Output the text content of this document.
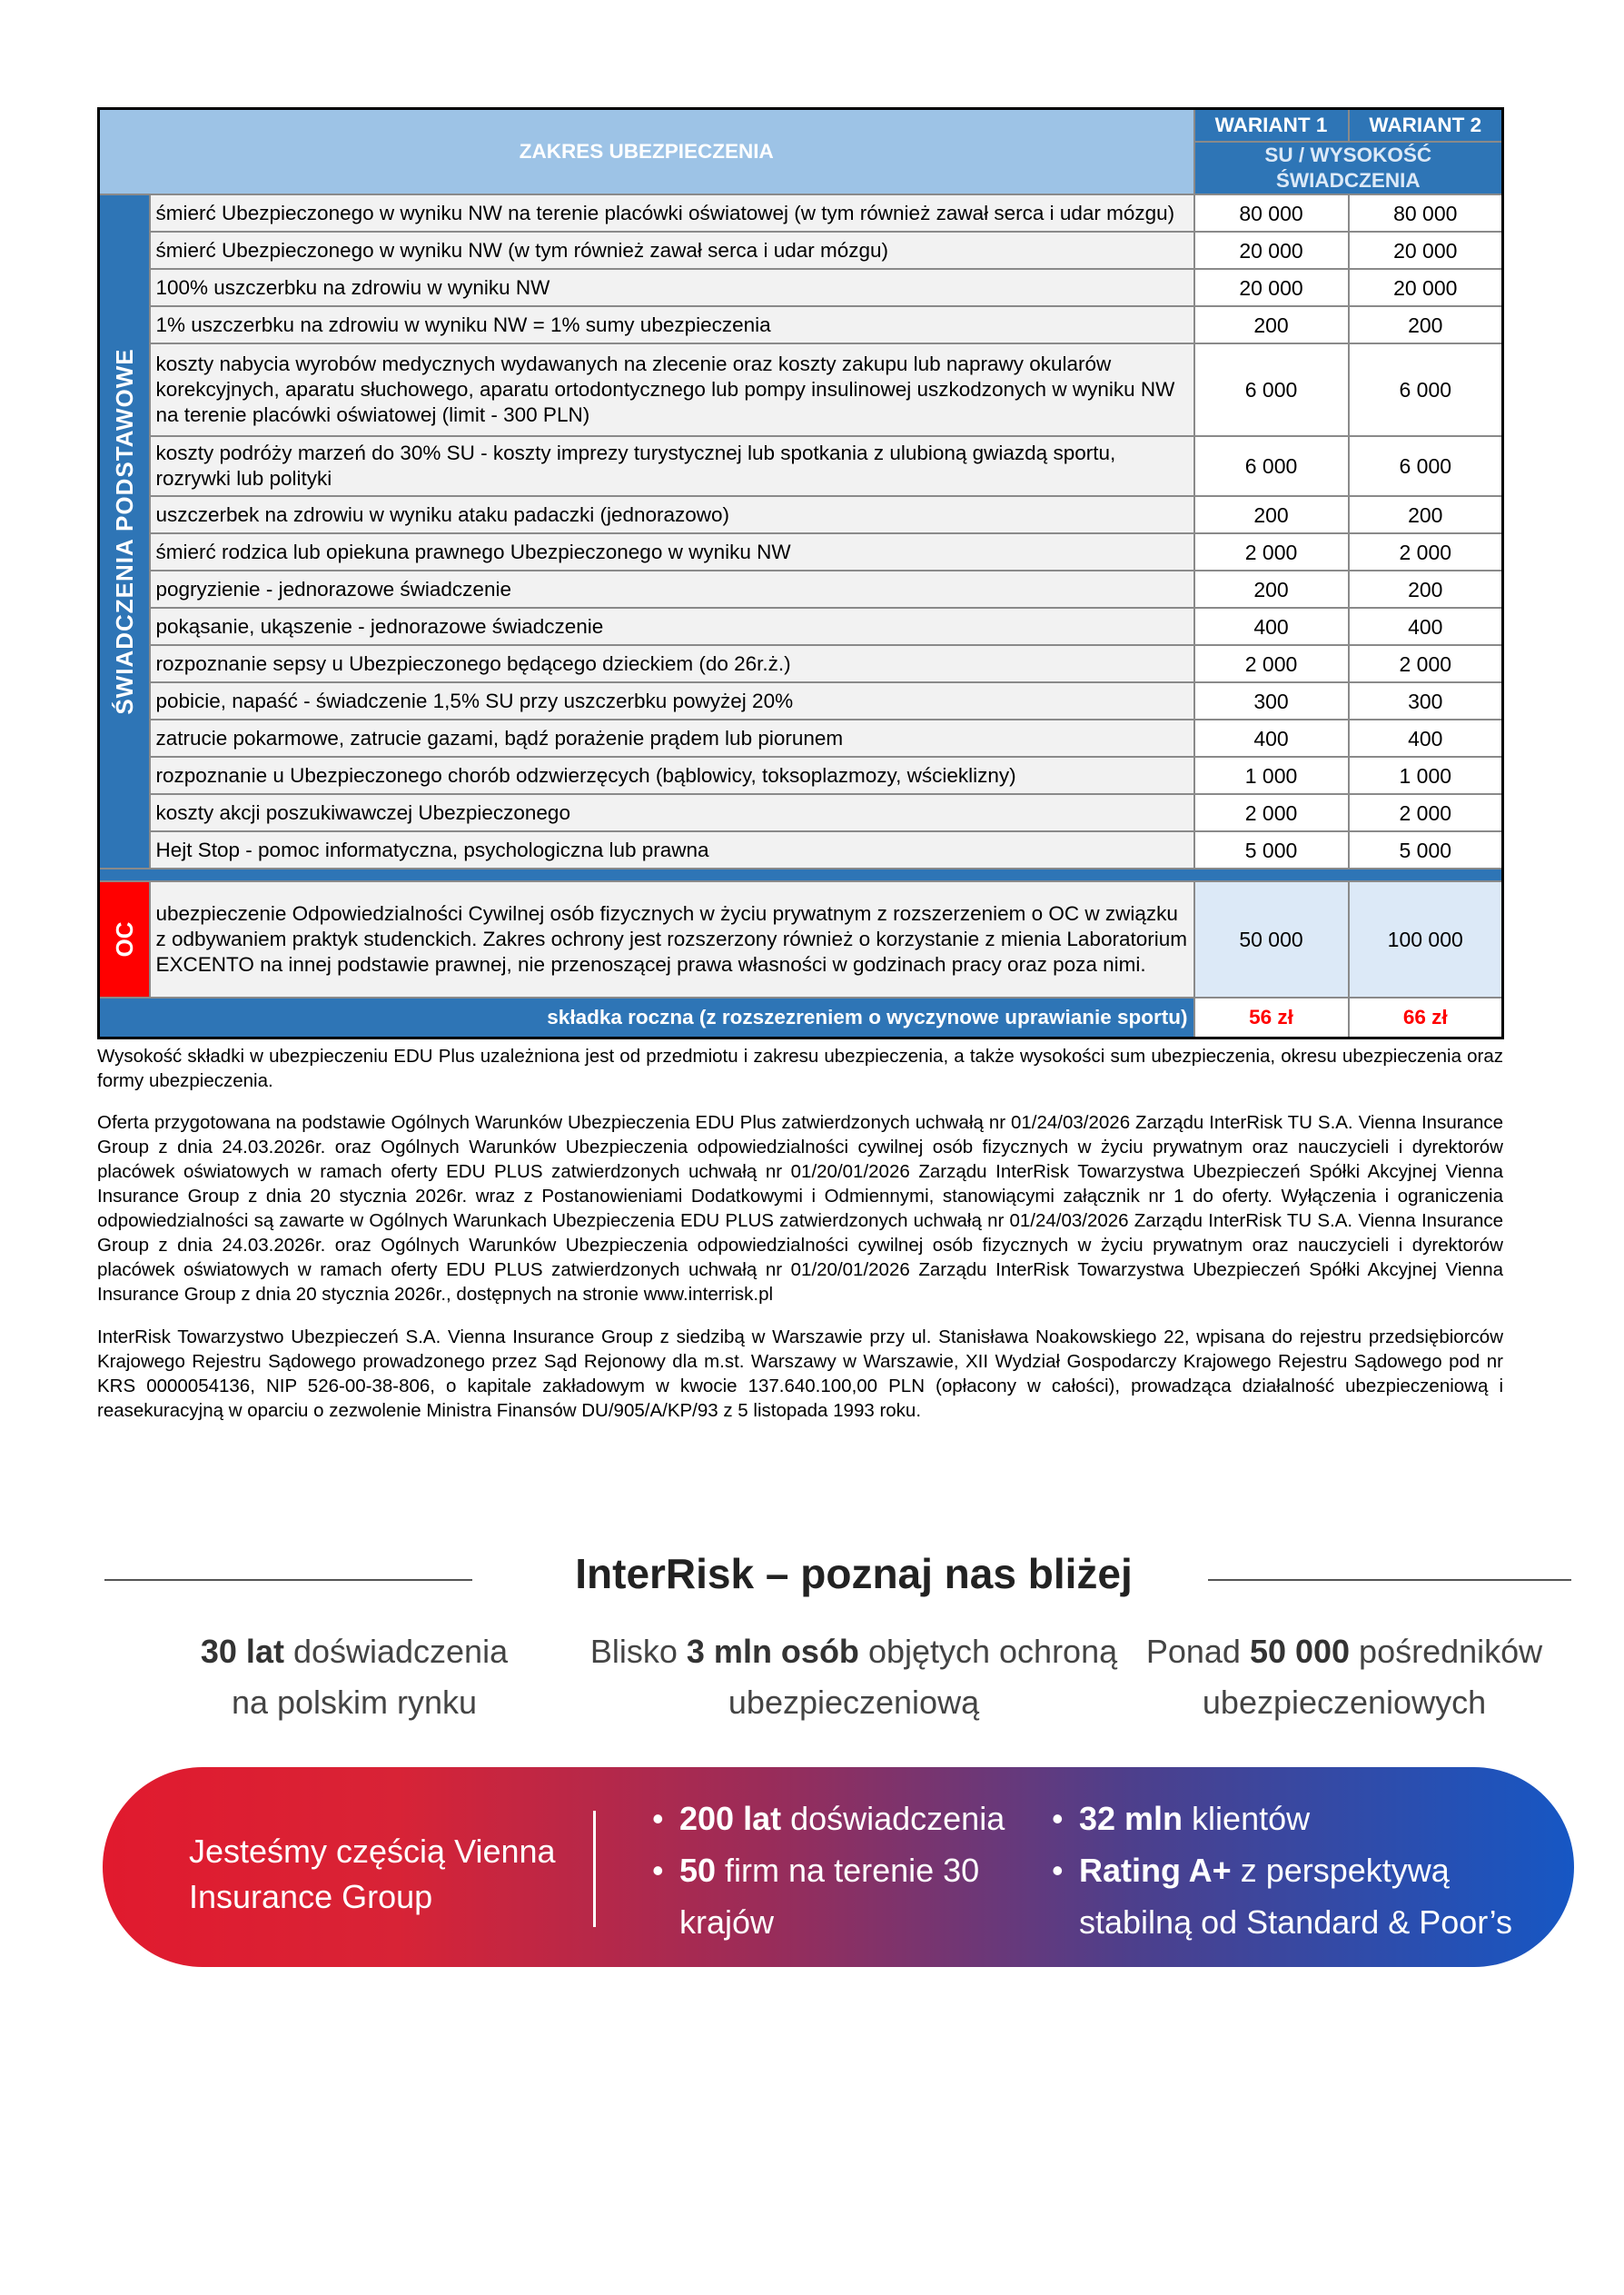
ZAKRES UBEZPIECZENIA		WARIANT 1	WARIANT 2
		SU / WYSOKOŚĆ ŚWIADCZENIA	

ŚWIADCZENIA PODSTAWOWE	śmierć Ubezpieczonego w wyniku NW na terenie placówki oświatowej (w tym również zawał serca i udar mózgu)	80 000	80 000
	śmierć Ubezpieczonego w wyniku NW (w tym również zawał serca i udar mózgu)	20 000	20 000
	100% uszczerbku na zdrowiu w wyniku NW	20 000	20 000
	1% uszczerbku na zdrowiu w wyniku NW = 1% sumy ubezpieczenia	200	200
	koszty nabycia wyrobów medycznych wydawanych na zlecenie oraz koszty zakupu lub naprawy okularów korekcyjnych, aparatu słuchowego, aparatu ortodontycznego lub pompy insulinowej uszkodzonych w wyniku NW na terenie placówki oświatowej (limit - 300 PLN)	6 000	6 000
	koszty podróży marzeń do 30% SU - koszty imprezy turystycznej lub spotkania z ulubioną gwiazdą sportu, rozrywki lub polityki	6 000	6 000
	uszczerbek na zdrowiu w wyniku ataku padaczki (jednorazowo)	200	200
	śmierć rodzica lub opiekuna prawnego Ubezpieczonego w wyniku NW	2 000	2 000
	pogryzienie - jednorazowe świadczenie	200	200
	pokąsanie, ukąszenie - jednorazowe świadczenie	400	400
	rozpoznanie sepsy u Ubezpieczonego będącego dzieckiem (do 26r.ż.)	2 000	2 000
	pobicie, napaść - świadczenie 1,5% SU przy uszczerbku powyżej 20%	300	300
	zatrucie pokarmowe, zatrucie gazami, bądź porażenie prądem lub piorunem	400	400
	rozpoznanie u Ubezpieczonego chorób odzwierzęcych (bąblowicy, toksoplazmozy, wścieklizny)	1 000	1 000
	koszty akcji poszukiwawczej Ubezpieczonego	2 000	2 000
	Hejt Stop - pomoc informatyczna, psychologiczna lub prawna	5 000	5 000

OC	ubezpieczenie Odpowiedzialności Cywilnej osób fizycznych w życiu prywatnym z rozszerzeniem o OC w związku z odbywaniem praktyk studenckich. Zakres ochrony jest rozszerzony również o korzystanie z mienia Laboratorium EXCENTO na innej podstawie prawnej, nie przenoszącej prawa własności w godzinach pracy oraz poza nimi.	50 000	100 000
składka roczna (z rozszezreniem o wyczynowe uprawianie sportu)		56 zł	66 zł

Wysokość składki w ubezpieczeniu EDU Plus uzależniona jest od przedmiotu i zakresu ubezpieczenia, a także wysokości sum ubezpieczenia, okresu ubezpieczenia oraz formy ubezpieczenia.

Oferta przygotowana na podstawie Ogólnych Warunków Ubezpieczenia EDU Plus zatwierdzonych uchwałą nr 01/24/03/2026 Zarządu InterRisk TU S.A. Vienna Insurance Group z dnia 24.03.2026r. oraz Ogólnych Warunków Ubezpieczenia odpowiedzialności cywilnej osób fizycznych w życiu prywatnym oraz nauczycieli i dyrektorów placówek oświatowych w ramach oferty EDU PLUS zatwierdzonych uchwałą nr 01/20/01/2026 Zarządu InterRisk Towarzystwa Ubezpieczeń Spółki Akcyjnej Vienna Insurance Group z dnia 20 stycznia 2026r. wraz z Postanowieniami Dodatkowymi i Odmiennymi, stanowiącymi załącznik nr 1 do oferty. Wyłączenia i ograniczenia odpowiedzialności są zawarte w Ogólnych Warunkach Ubezpieczenia EDU PLUS zatwierdzonych uchwałą nr 01/24/03/2026 Zarządu InterRisk TU S.A. Vienna Insurance Group z dnia 24.03.2026r. oraz Ogólnych Warunków Ubezpieczenia odpowiedzialności cywilnej osób fizycznych w życiu prywatnym oraz nauczycieli i dyrektorów placówek oświatowych w ramach oferty EDU PLUS zatwierdzonych uchwałą nr 01/20/01/2026 Zarządu InterRisk Towarzystwa Ubezpieczeń Spółki Akcyjnej Vienna Insurance Group z dnia 20 stycznia 2026r., dostępnych na stronie www.interrisk.pl

InterRisk Towarzystwo Ubezpieczeń S.A. Vienna Insurance Group z siedzibą w Warszawie przy ul. Stanisława Noakowskiego 22, wpisana do rejestru przedsiębiorców Krajowego Rejestru Sądowego prowadzonego przez Sąd Rejonowy dla m.st. Warszawy w Warszawie, XII Wydział Gospodarczy Krajowego Rejestru Sądowego pod nr KRS 0000054136, NIP 526-00-38-806, o kapitale zakładowym w kwocie 137.640.100,00 PLN (opłacony w całości), prowadząca działalność ubezpieczeniową i reasekuracyjną w oparciu o zezwolenie Ministra Finansów DU/905/A/KP/93 z 5 listopada 1993 roku.

InterRisk – poznaj nas bliżej
30 lat doświadczenia
na polskim rynku
Blisko 3 mln osób objętych ochroną
ubezpieczeniową
Ponad 50 000 pośredników
ubezpieczeniowych
Jesteśmy częścią Vienna
Insurance Group
• 200 lat doświadczenia
• 50 firm na terenie 30
krajów
• 32 mln klientów
• Rating A+ z perspektywą
stabilną od Standard & Poor’s
